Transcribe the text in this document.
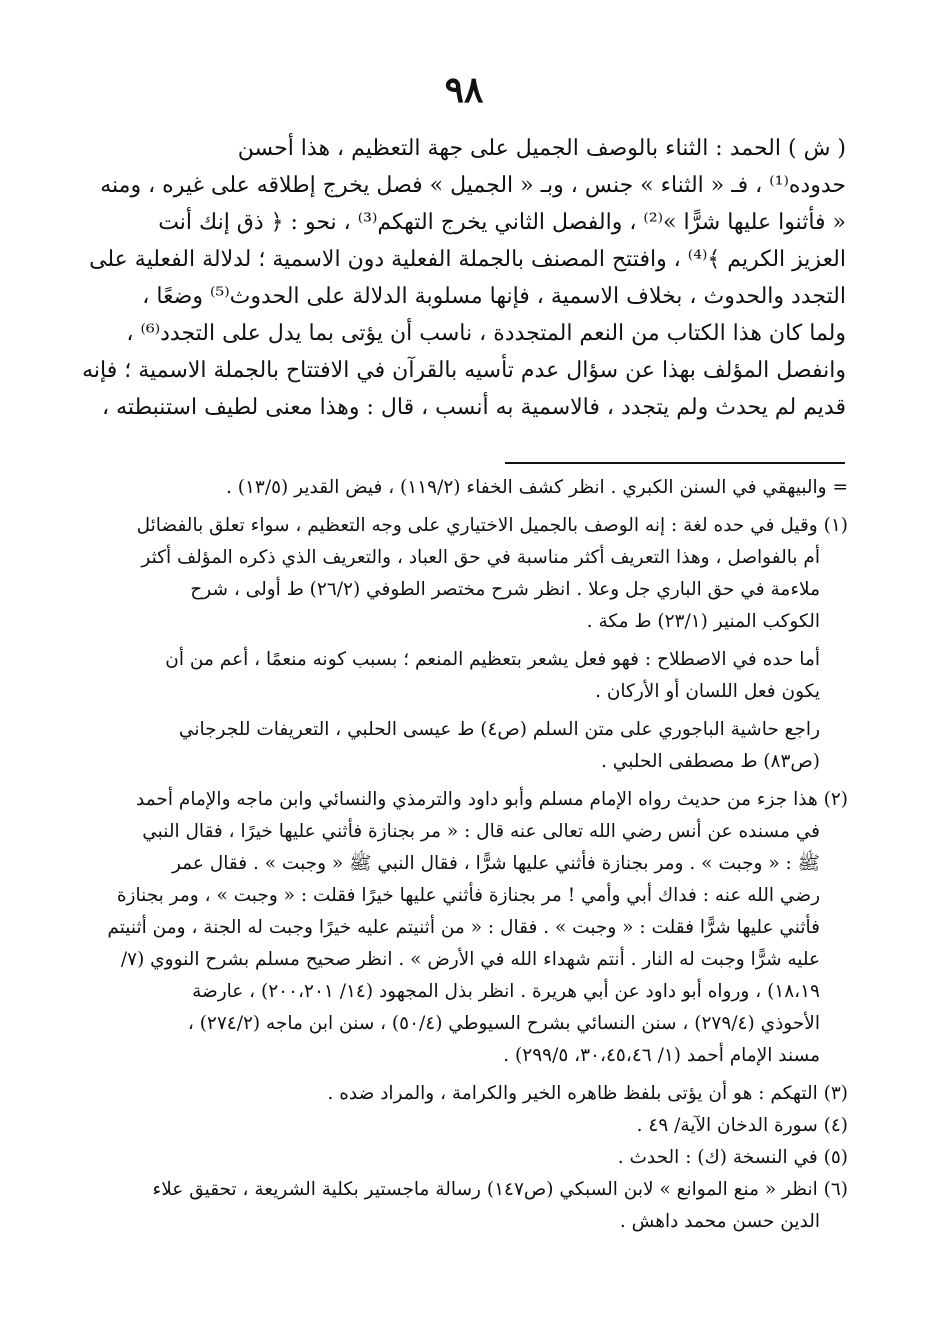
٩٨
( ش ) الحمد : الثناء بالوصف الجميل على جهة التعظيم ، هذا أحسن
حدوده⁽¹⁾ ، فـ « الثناء » جنس ، وبـ « الجميل » فصل يخرج إطلاقه على غيره ، ومنه
« فأثنوا عليها شرًّا »⁽²⁾ ، والفصل الثاني يخرج التهكم⁽³⁾ ، نحو : ﴿ ذق إنك أنت
العزيز الكريم ﴾⁽⁴⁾ ، وافتتح المصنف بالجملة الفعلية دون الاسمية ؛ لدلالة الفعلية على
التجدد والحدوث ، بخلاف الاسمية ، فإنها مسلوبة الدلالة على الحدوث⁽⁵⁾ وضعًا ،
ولما كان هذا الكتاب من النعم المتجددة ، ناسب أن يؤتى بما يدل على التجدد⁽⁶⁾ ،
وانفصل المؤلف بهذا عن سؤال عدم تأسيه بالقرآن في الافتتاح بالجملة الاسمية ؛ فإنه
قديم لم يحدث ولم يتجدد ، فالاسمية به أنسب ، قال : وهذا معنى لطيف استنبطته ،
= والبيهقي في السنن الكبري . انظر كشف الخفاء (١١٩/٢) ، فيض القدير (١٣/٥) .
(١) وقيل في حده لغة : إنه الوصف بالجميل الاختياري على وجه التعظيم ، سواء تعلق بالفضائل
أم بالفواصل ، وهذا التعريف أكثر مناسبة في حق العباد ، والتعريف الذي ذكره المؤلف أكثر
ملاءمة في حق الباري جل وعلا . انظر شرح مختصر الطوفي (٢٦/٢) ط أولى ، شرح
الكوكب المنير (٢٣/١) ط مكة .
أما حده في الاصطلاح : فهو فعل يشعر بتعظيم المنعم ؛ بسبب كونه منعمًا ، أعم من أن
يكون فعل اللسان أو الأركان .
راجع حاشية الباجوري على متن السلم (ص٤) ط عيسى الحلبي ، التعريفات للجرجاني
(ص٨٣) ط مصطفى الحلبي .
(٢) هذا جزء من حديث رواه الإمام مسلم وأبو داود والترمذي والنسائي وابن ماجه والإمام أحمد
في مسنده عن أنس رضي الله تعالى عنه قال : « مر بجنازة فأثني عليها خيرًا ، فقال النبي
ﷺ : « وجبت » . ومر بجنازة فأثني عليها شرًّا ، فقال النبي ﷺ « وجبت » . فقال عمر
رضي الله عنه : فداك أبي وأمي ! مر بجنازة فأثني عليها خيرًا فقلت : « وجبت » ، ومر بجنازة
فأثني عليها شرًّا فقلت : « وجبت » . فقال : « من أثنيتم عليه خيرًا وجبت له الجنة ، ومن أثنيتم
عليه شرًّا وجبت له النار . أنتم شهداء الله في الأرض » . انظر صحيح مسلم بشرح النووي (٧/
١٨،١٩) ، ورواه أبو داود عن أبي هريرة . انظر بذل المجهود (١٤/ ٢٠٠،٢٠١) ، عارضة
الأحوذي (٢٧٩/٤) ، سنن النسائي بشرح السيوطي (٥٠/٤) ، سنن ابن ماجه (٢٧٤/٢) ،
مسند الإمام أحمد (١/ ٣٠،٤٥،٤٦، ٢٩٩/٥) .
(٣) التهكم : هو أن يؤتى بلفظ ظاهره الخير والكرامة ، والمراد ضده .
(٤) سورة الدخان الآية/ ٤٩ .
(٥) في النسخة (ك) : الحدث .
(٦) انظر « منع الموانع » لابن السبكي (ص١٤٧) رسالة ماجستير بكلية الشريعة ، تحقيق علاء
الدين حسن محمد داهش .
